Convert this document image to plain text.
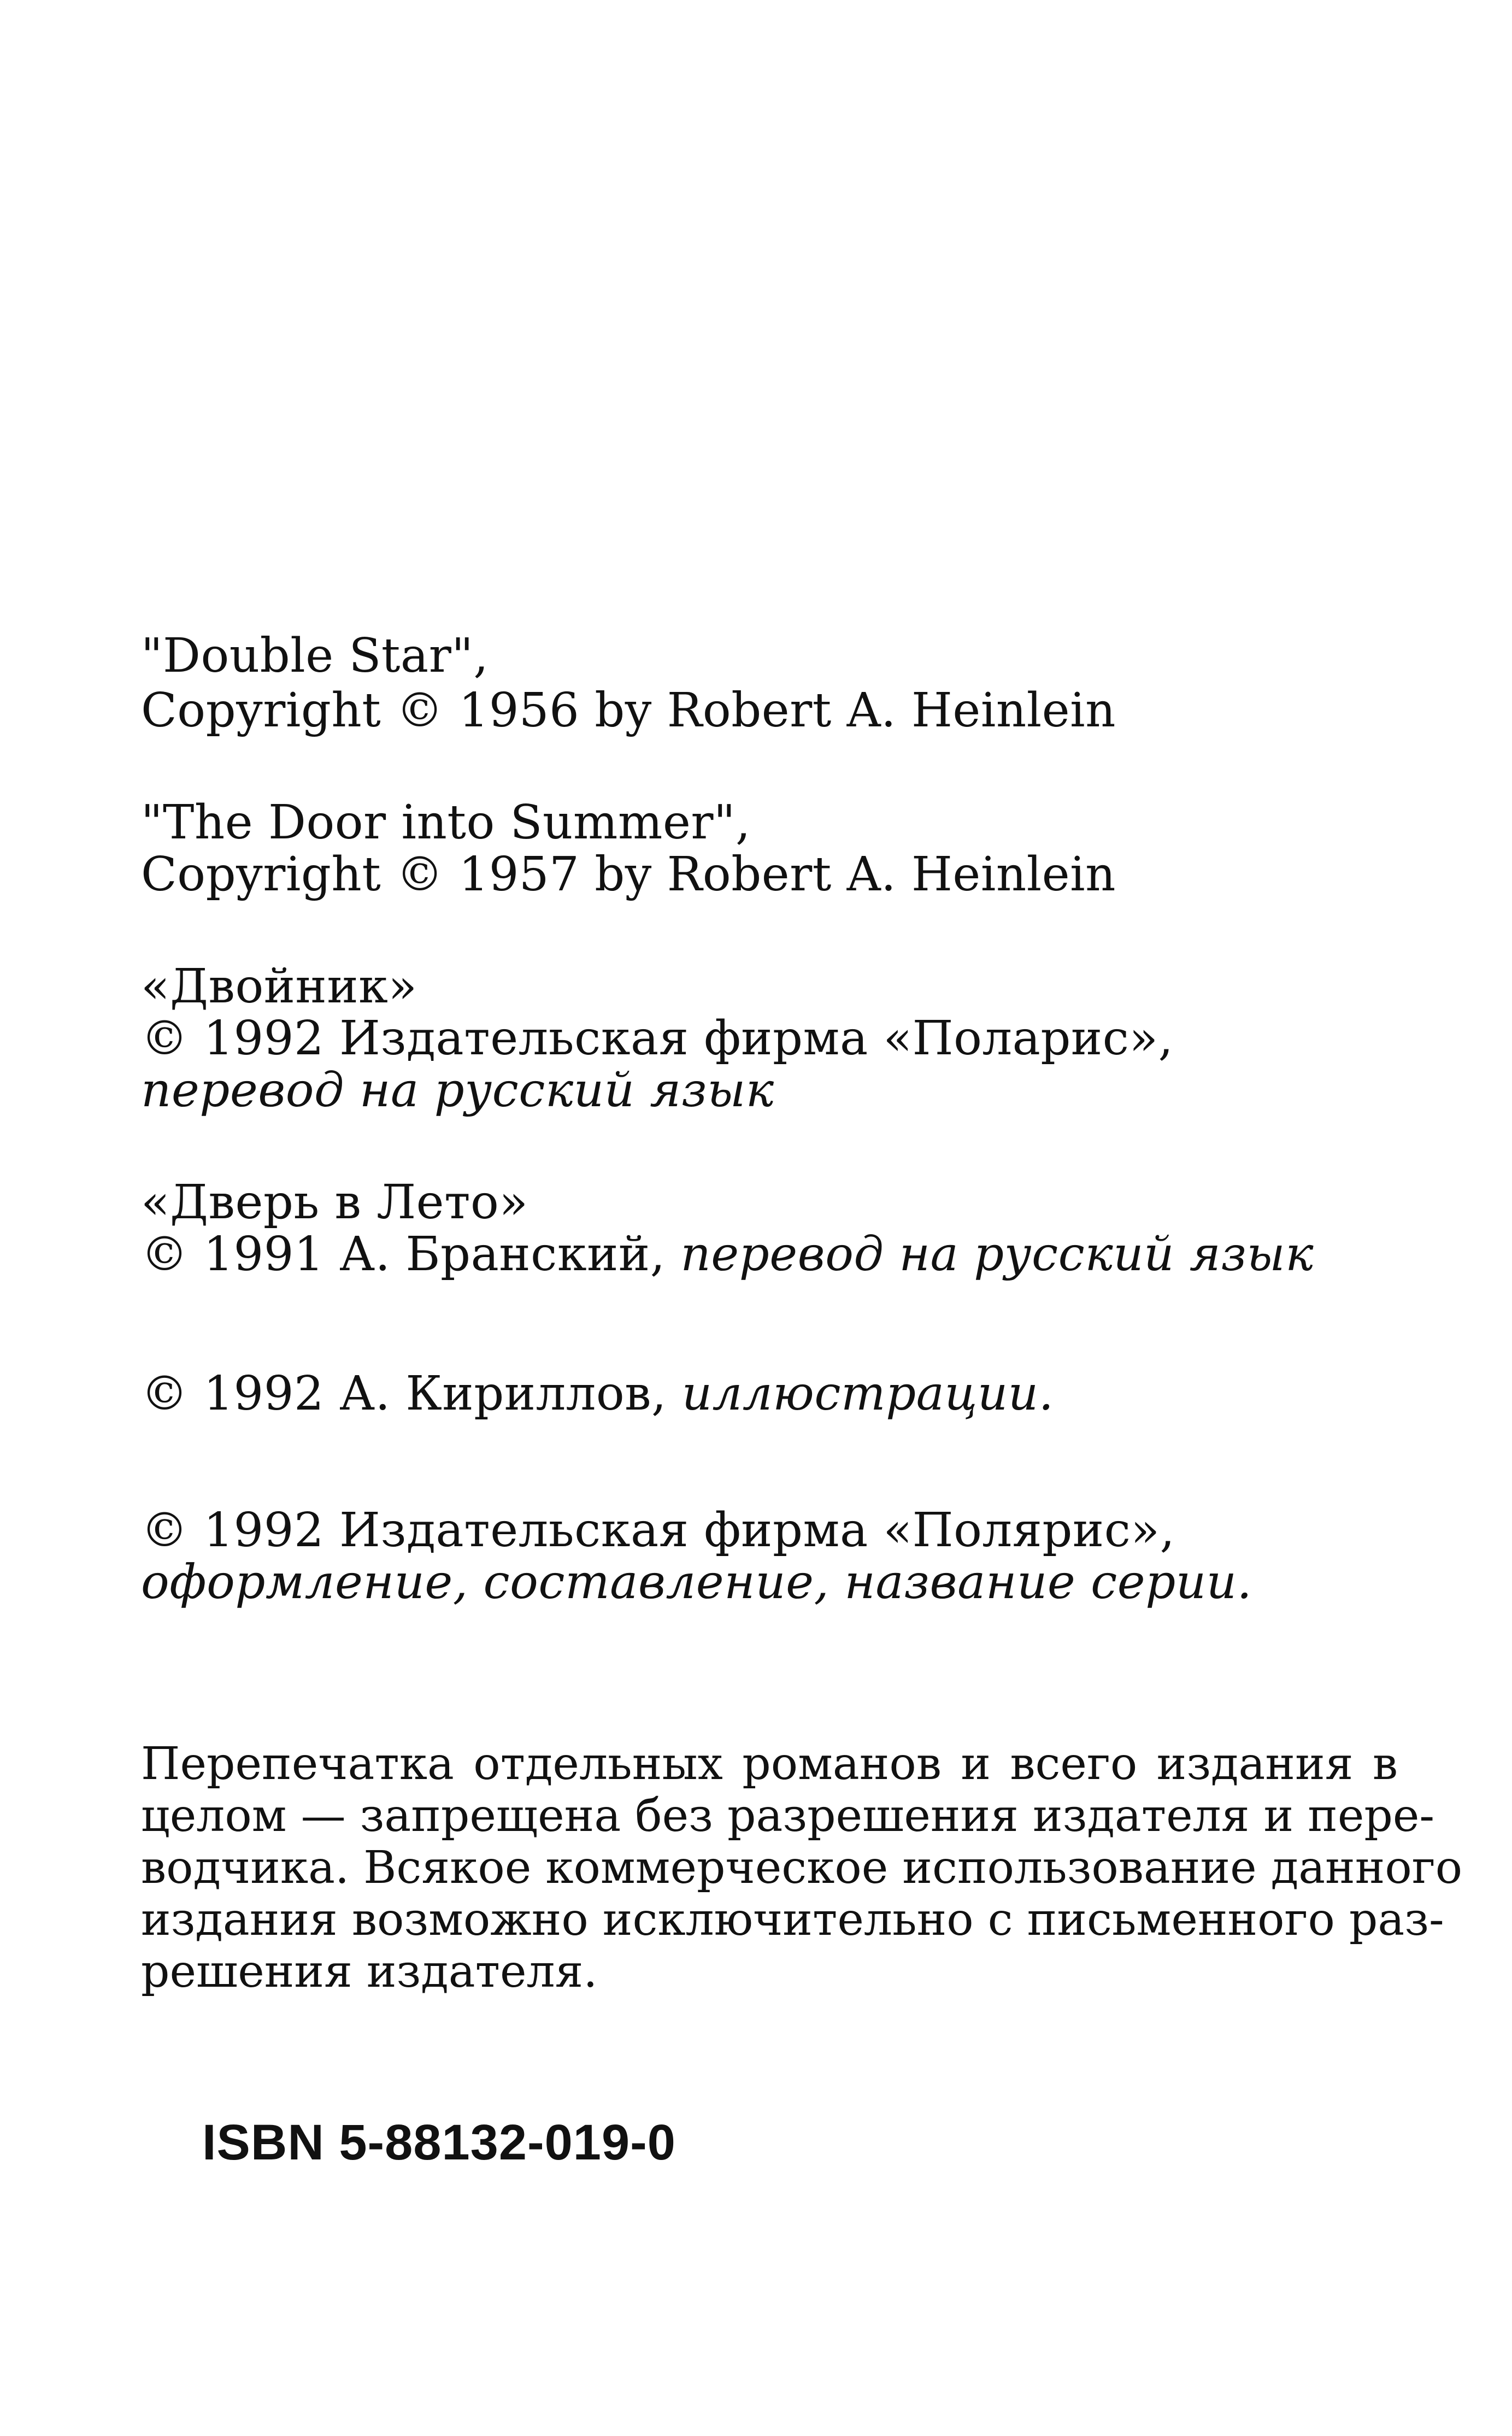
"Double Star",
Copyright © 1956 by Robert A. Heinlein
"The Door into Summer",
Copyright © 1957 by Robert A. Heinlein
«Двойник»
© 1992 Издательская фирма «Поларис»,
перевод на русский язык
«Дверь в Лето»
© 1991 А. Бранский, перевод на русский язык
© 1992 А. Кириллов, иллюстрации.
© 1992 Издательская фирма «Полярис»,
оформление, составление, название серии.
Перепечатка отдельных романов и всего издания в
целом — запрещена без разрешения издателя и пере-
водчика. Всякое коммерческое использование данного
издания возможно исключительно с письменного раз-
решения издателя.
ISBN 5-88132-019-0
